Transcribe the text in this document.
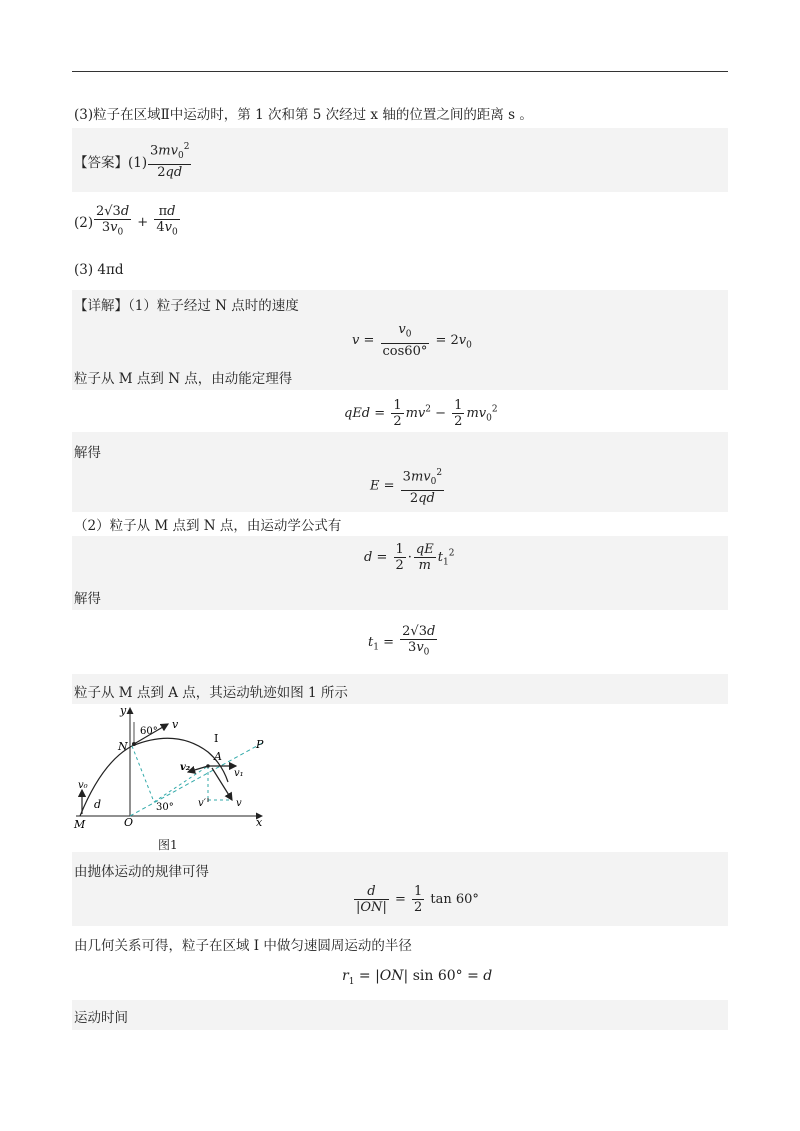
(3)粒子在区域Ⅱ中运动时，第 1 次和第 5 次经过 x 轴的位置之间的距离 s 。
【答案】$(1) \frac{3mv_0^2}{2qd}$
$(2) \frac{2√3d}{3v_0} + \frac{\pi d}{4v_0}$
(3) 4πd
【详解】（1）粒子经过 N 点时的速度
$v = \frac{v_0}{\cos 60^\circ} = 2v_0$
粒子从 M 点到 N 点，由动能定理得
qEd = $\frac{1}{2} mv^2 - \frac{1}{2} mv_0^2$
解得
$E = \frac{3mv_0^2}{2qd}$
（2）粒子从 M 点到 N 点，由运动学公式有
$d = \frac{1}{2} \cdot \frac{qE}{m} t_1^2$
解得
$t_1 = \frac{2√3d}{3v_0}$
粒子从 M 点到 A 点，其运动轨迹如图 1 所示
y
x
O
M
N
A
P
Ⅰ
60°
30°
v
v₀
d
v₁
v₂
v′	v
图1
由抛体运动的规律可得
$\frac{d}{|ON|} = \frac{1}{2}$ tan 60°
由几何关系可得，粒子在区域 Ⅰ 中做匀速圆周运动的半径
$r_1 = |ON|$ sin 60° = d
运动时间
